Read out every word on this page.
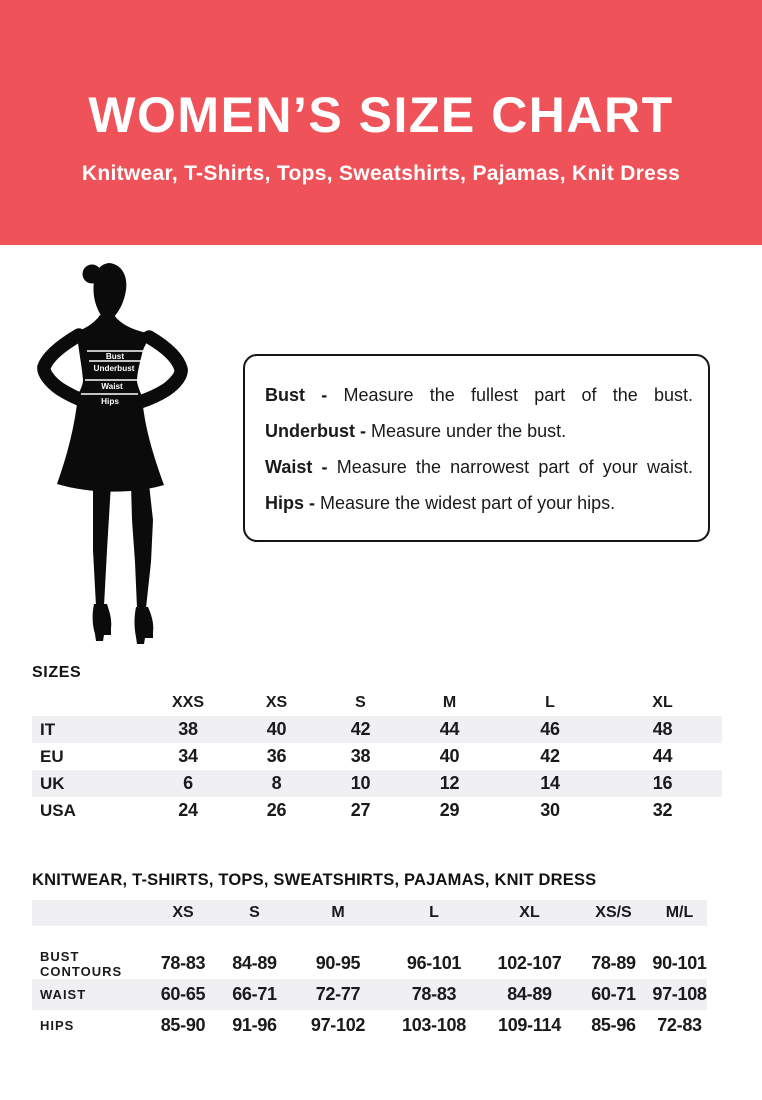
WOMEN’S SIZE CHART
Knitwear, T-Shirts, Tops, Sweatshirts, Pajamas, Knit Dress
Bust
Underbust
Waist
Hips	Bust - Measure the fullest part of the bust.
Underbust - Measure under the bust.
Waist - Measure the narrowest part of your waist.
Hips - Measure the widest part of your hips.
SIZES
XXS	XS	S	M	L	XL
IT	38	40	42	44	46	48
EU	34	36	38	40	42	44
UK	6	8	10	12	14	16
USA	24	26	27	29	30	32
KNITWEAR, T-SHIRTS, TOPS, SWEATSHIRTS, PAJAMAS, KNIT DRESS
XS	S	M	L	XL	XS/S	M/L
BUST CONTOURS	78-83	84-89	90-95	96-101	102-107	78-89 90-101
WAIST	60-65	66-71	72-77	78-83	84-89	60-71 97-108
HIPS	85-90	91-96	97-102	103-108	109-114	85-96	72-83
